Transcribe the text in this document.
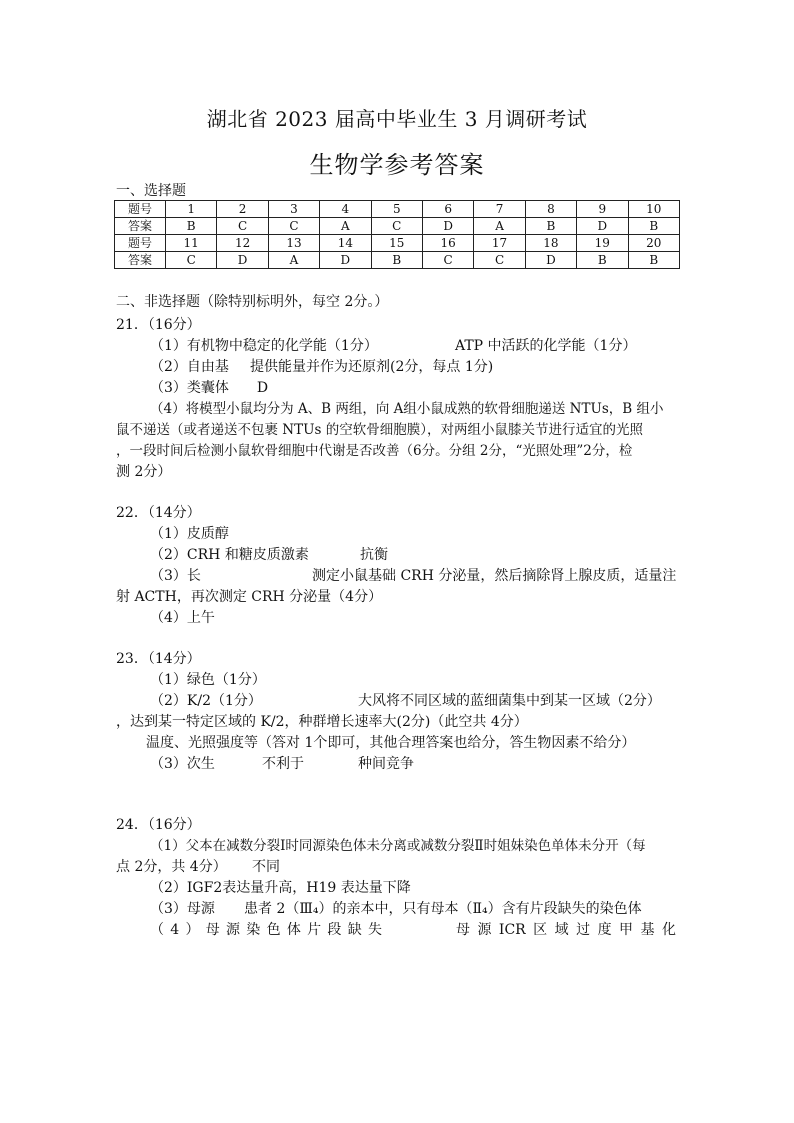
湖北省 2023 届高中毕业生 3 月调研考试
生物学参考答案
一、选择题
题号	1	2	3	4	5	6	7	8	9	10
答案	B	C	C	A	C	D	A	B	D	B
题号	11	12	13	14	15	16	17	18	19	20
答案	C	D	A	D	B	C	C	D	B	B
二、非选择题（除特别标明外，每空 2分。）
21．（16分）
（1）有机物中稳定的化学能（1分）	ATP 中活跃的化学能（1分）
（2）自由基 提供能量并作为还原剂(2分，每点 1分)
（3）类囊体　　D
（4）将模型小鼠均分为 A、B 两组，向 A组小鼠成熟的软骨细胞递送 NTUs，B 组小
鼠不递送（或者递送不包裹 NTUs 的空软骨细胞膜），对两组小鼠膝关节进行适宜的光照
，一段时间后检测小鼠软骨细胞中代谢是否改善（6分。分组 2分，“光照处理”2分，检
测 2分）
22．（14分）
（1）皮质醇
（2）CRH 和糖皮质激素	抗衡
（3）长	测定小鼠基础 CRH 分泌量，然后摘除肾上腺皮质，适量注
射 ACTH，再次测定 CRH 分泌量（4分）
（4）上午
23．（14分）
（1）绿色（1分）
（2）K/2（1分）	大风将不同区域的蓝细菌集中到某一区域（2分）
，达到某一特定区域的 K/2，种群增长速率大(2分)（此空共 4分）
温度、光照强度等（答对 1个即可，其他合理答案也给分，答生物因素不给分）
（3）次生	不利于	种间竞争
24．（16分）
（1）父本在减数分裂Ⅰ时同源染色体未分离或减数分裂Ⅱ时姐妹染色单体未分开（每
点 2分，共 4分） 不同
（2）IGF2表达量升高，H19 表达量下降
（3）母源 患者 2（Ⅲ₄）的亲本中，只有母本（Ⅱ₄）含有片段缺失的染色体
（4）母源染色体片段缺失	母源ICR区域过度甲基化
